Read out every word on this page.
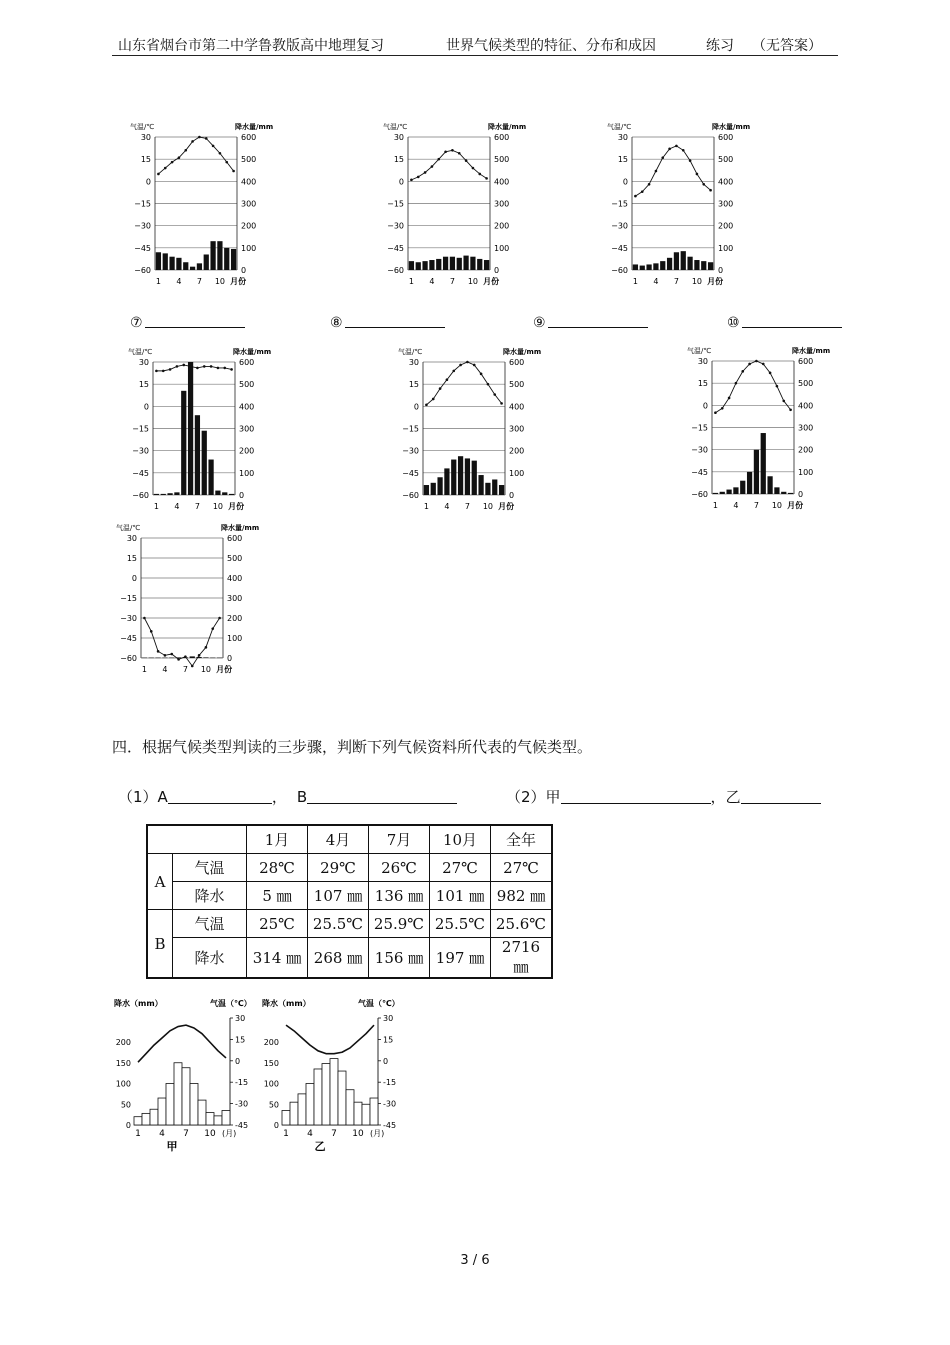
山东省烟台市第二中学鲁教版高中地理复习	世界气候类型的特征、分布和成因	练习 （无答案）
气温/℃	降水量/mm
30	600
15	500
0	400
−15	300
−30	200
−45	100
−60	0
1 4 7 10 月份
气温/℃	降水量/mm
30	600
15	500
0	400
−15	300
−30	200
−45	100
−60	0
1 4 7 10 月份
气温/℃	降水量/mm
30	600
15	500
0	400
−15	300
−30	200
−45	100
−60	0
1 4 7 10 月份
气温/℃	降水量/mm
30	600
15	500
0	400
−15	300
−30	200
−45	100
−60	0
1 4 7 10 月份
气温/℃	降水量/mm
30	600
15	500
0	400
−15	300
−30	200
−45	100
−60	0
1 4 7 10 月份
气温/℃	降水量/mm
30	600
15	500
0	400
−15	300
−30	200
−45	100
−60	0
1 4 7 10 月份
气温/℃	降水量/mm
30	600
15	500
0	400
−15	300
−30	200
−45	100
−60	0
1 4 7 10 月份
降水（mm）	气温（℃）
200
150
100
50
0
30
15
0
-15
-30
-45
1 4 7 10 (月)
甲
降水（mm）	气温（℃）
200
150
100
50
0
30
15
0
-15
-30
-45
1 4 7 10 (月)
乙
⑦	⑧	⑨	⑩
四．根据气候类型判读的三步骤，判断下列气候资料所代表的气候类型。
（1）A	， B	（2）甲	，乙
		1月	4月	7月	10月	全年
A	气温	28℃	29℃	26℃	27℃	27℃
	降水	5 ㎜	107 ㎜	136 ㎜	101 ㎜	982 ㎜
B	气温	25℃	25.5℃	25.9℃	25.5℃	25.6℃
	降水	314 ㎜	268 ㎜	156 ㎜	197 ㎜	2716 ㎜
3 / 6
